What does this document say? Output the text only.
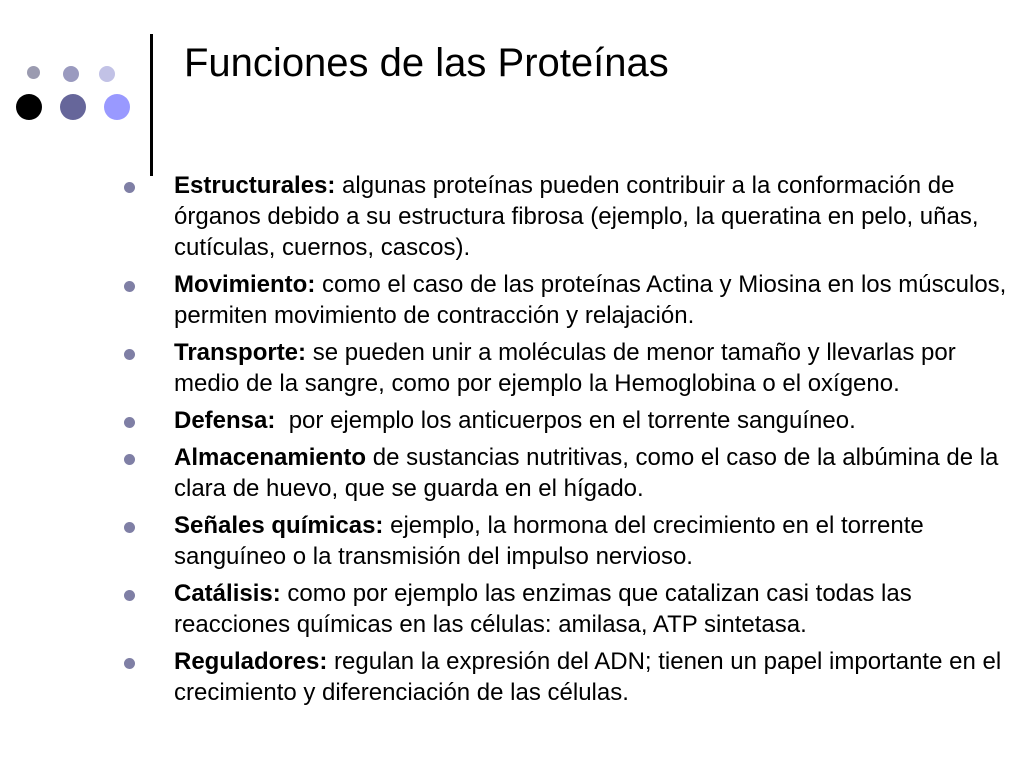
Funciones de las Proteínas
Estructurales: algunas proteínas pueden contribuir a la conformación de órganos debido a su estructura fibrosa (ejemplo, la queratina en pelo, uñas, cutículas, cuernos, cascos).
Movimiento: como el caso de las proteínas Actina y Miosina en los músculos, permiten movimiento de contracción y relajación.
Transporte: se pueden unir a moléculas de menor tamaño y llevarlas por medio de la sangre, como por ejemplo la Hemoglobina o el oxígeno.
Defensa:  por ejemplo los anticuerpos en el torrente sanguíneo.
Almacenamiento de sustancias nutritivas, como el caso de la albúmina de la clara de huevo, que se guarda en el hígado.
Señales químicas: ejemplo, la hormona del crecimiento en el torrente sanguíneo o la transmisión del impulso nervioso.
Catálisis: como por ejemplo las enzimas que catalizan casi todas las reacciones químicas en las células: amilasa, ATP sintetasa.
Reguladores: regulan la expresión del ADN; tienen un papel importante en el crecimiento y diferenciación de las células.
